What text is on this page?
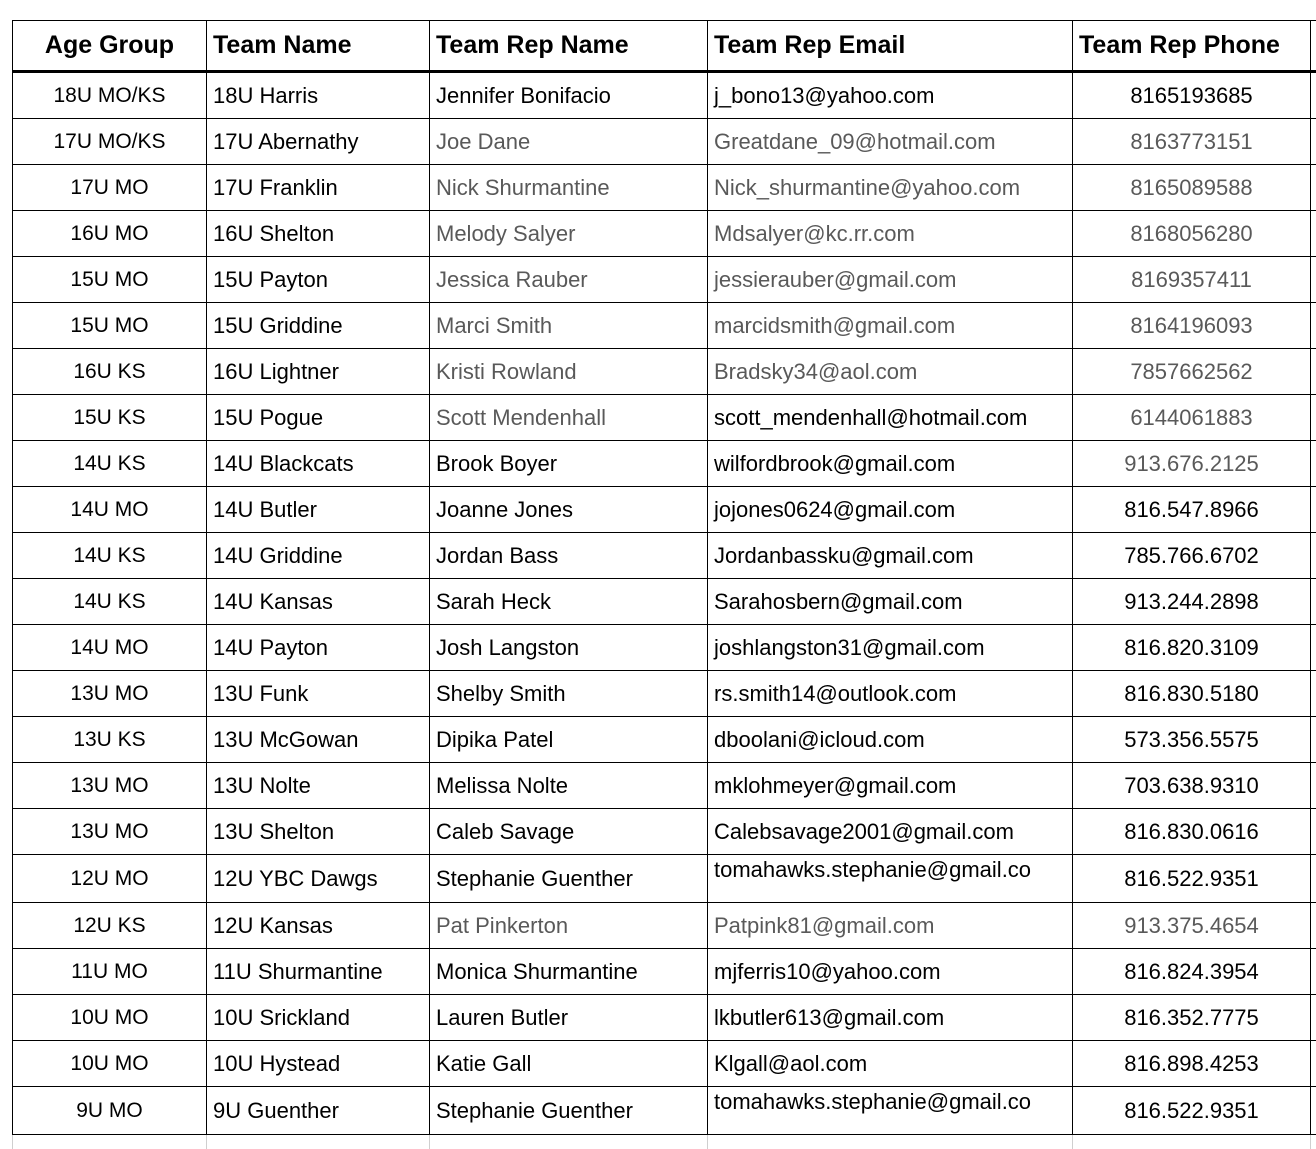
Age Group	Team Name	Team Rep Name	Team Rep Email	Team Rep Phone	
18U MO/KS	18U Harris	Jennifer Bonifacio	j_bono13@yahoo.com	8165193685	
17U MO/KS	17U Abernathy	Joe Dane	Greatdane_09@hotmail.com	8163773151	
17U MO	17U Franklin	Nick Shurmantine	Nick_shurmantine@yahoo.com	8165089588	
16U MO	16U Shelton	Melody Salyer	Mdsalyer@kc.rr.com	8168056280	
15U MO	15U Payton	Jessica Rauber	jessierauber@gmail.com	8169357411	
15U MO	15U Griddine	Marci Smith	marcidsmith@gmail.com	8164196093	
16U KS	16U Lightner	Kristi Rowland	Bradsky34@aol.com	7857662562	
15U KS	15U Pogue	Scott Mendenhall	scott_mendenhall@hotmail.com	6144061883	
14U KS	14U Blackcats	Brook Boyer	wilfordbrook@gmail.com	913.676.2125	
14U MO	14U Butler	Joanne Jones	jojones0624@gmail.com	816.547.8966	
14U KS	14U Griddine	Jordan Bass	Jordanbassku@gmail.com	785.766.6702	
14U KS	14U Kansas	Sarah Heck	Sarahosbern@gmail.com	913.244.2898	
14U MO	14U Payton	Josh Langston	joshlangston31@gmail.com	816.820.3109	
13U MO	13U Funk	Shelby Smith	rs.smith14@outlook.com	816.830.5180	
13U KS	13U McGowan	Dipika Patel	dboolani@icloud.com	573.356.5575	
13U MO	13U Nolte	Melissa Nolte	mklohmeyer@gmail.com	703.638.9310	
13U MO	13U Shelton	Caleb Savage	Calebsavage2001@gmail.com	816.830.0616	
12U MO	12U YBC Dawgs	Stephanie Guenther	tomahawks.stephanie@gmail.co	816.522.9351	
12U KS	12U Kansas	Pat Pinkerton	Patpink81@gmail.com	913.375.4654	
11U MO	11U Shurmantine	Monica Shurmantine	mjferris10@yahoo.com	816.824.3954	
10U MO	10U Srickland	Lauren Butler	lkbutler613@gmail.com	816.352.7775	
10U MO	10U Hystead	Katie Gall	Klgall@aol.com	816.898.4253	
9U MO	9U Guenther	Stephanie Guenther	tomahawks.stephanie@gmail.co	816.522.9351	
